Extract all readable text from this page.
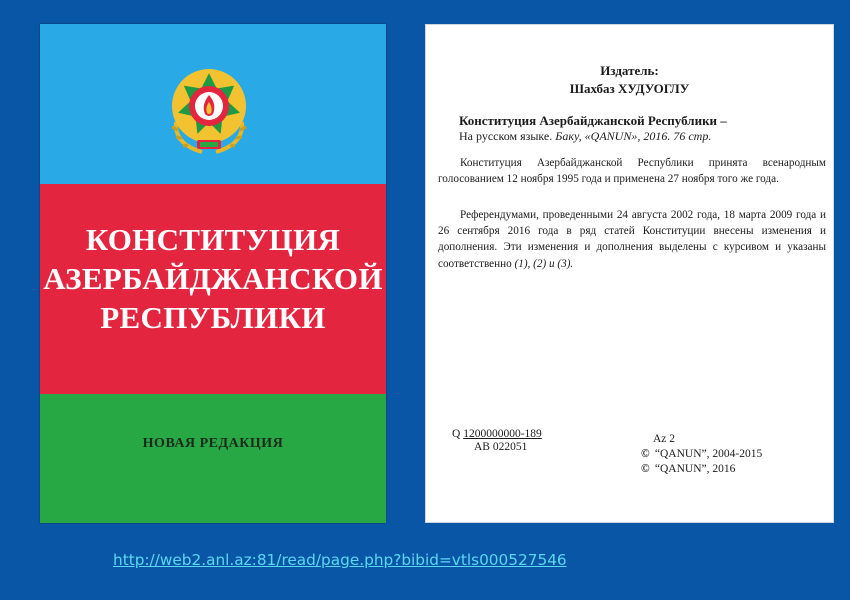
КОНСТИТУЦИЯ
АЗЕРБАЙДЖАНСКОЙ
РЕСПУБЛИКИ
НОВАЯ РЕДАКЦИЯ
Издатель:
Шахбаз ХУДУОГЛУ
Конституция Азербайджанской Республики –
На русском языке. Баку, «QANUN», 2016. 76 стр.

Конституция Азербайджанской Республики принята всенародным голосованием 12 ноября 1995 года и применена 27 ноября того же года.

Референдумами, проведенными 24 августа 2002 года, 18 марта 2009 года и 26 сентября 2016 года в ряд статей Конституции внесены изменения и дополнения. Эти изменения и дополнения выделены с курсивом и указаны соответственно (1), (2) и (3).

Q 1200000000-189
АВ 022051
Az 2
© “QANUN”, 2004-2015
© “QANUN”, 2016
http://web2.anl.az:81/read/page.php?bibid=vtls000527546
